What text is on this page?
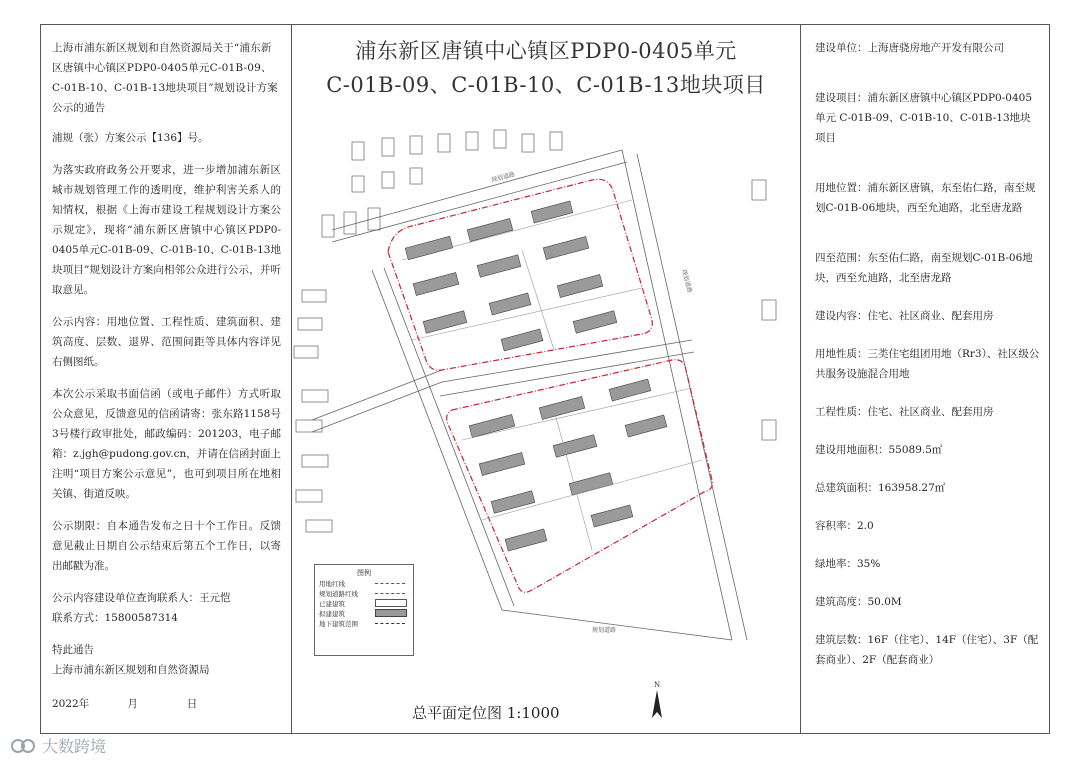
上海市浦东新区规划和自然资源局关于“浦东新区唐镇中心镇区PDP0-0405单元C-01B-09、C-01B-10、C-01B-13地块项目”规划设计方案公示的通告
浦规（张）方案公示【136】号。
为落实政府政务公开要求，进一步增加浦东新区城市规划管理工作的透明度，维护利害关系人的知情权，根据《上海市建设工程规划设计方案公示规定》，现将“浦东新区唐镇中心镇区PDP0-0405单元C-01B-09、C-01B-10、C-01B-13地块项目”规划设计方案向相邻公众进行公示，并听取意见。
公示内容：用地位置、工程性质、建筑面积、建筑高度、层数、退界、范围间距等具体内容详见右侧图纸。
本次公示采取书面信函（或电子邮件）方式听取公众意见，反馈意见的信函请寄：张东路1158号3号楼行政审批处，邮政编码：201203，电子邮箱：z.jgh@pudong.gov.cn，并请在信函封面上注明“项目方案公示意见”，也可到项目所在地相关镇、街道反映。
公示期限：自本通告发布之日十个工作日。反馈意见截止日期自公示结束后第五个工作日，以寄出邮戳为准。
公示内容建设单位查询联系人：王元恺
联系方式：15800587314
特此通告
上海市浦东新区规划和自然资源局
2022年	月	日
浦东新区唐镇中心镇区PDP0-0405单元
C-01B-09、C-01B-10、C-01B-13地块项目
规划道路
规划道路
规划道路
图例
用地红线
规划道路红线
已建建筑
拟建建筑
地下建筑范围
总平面定位图 1:1000
N
建设单位：上海唐骁房地产开发有限公司
建设项目：浦东新区唐镇中心镇区PDP0-0405单元 C-01B-09、C-01B-10、C-01B-13地块项目
用地位置：浦东新区唐镇，东至佑仁路，南至规划C-01B-06地块，西至允迪路，北至唐龙路
四至范围：东至佑仁路，南至规划C-01B-06地块，西至允迪路，北至唐龙路
建设内容：住宅、社区商业、配套用房
用地性质：三类住宅组团用地（Rr3）、社区级公共服务设施混合用地
工程性质：住宅、社区商业、配套用房
建设用地面积：55089.5㎡
总建筑面积：163958.27㎡
容积率：2.0
绿地率：35%
建筑高度：50.0M
建筑层数：16F（住宅）、14F（住宅）、3F（配套商业）、2F（配套商业）
大数跨境
